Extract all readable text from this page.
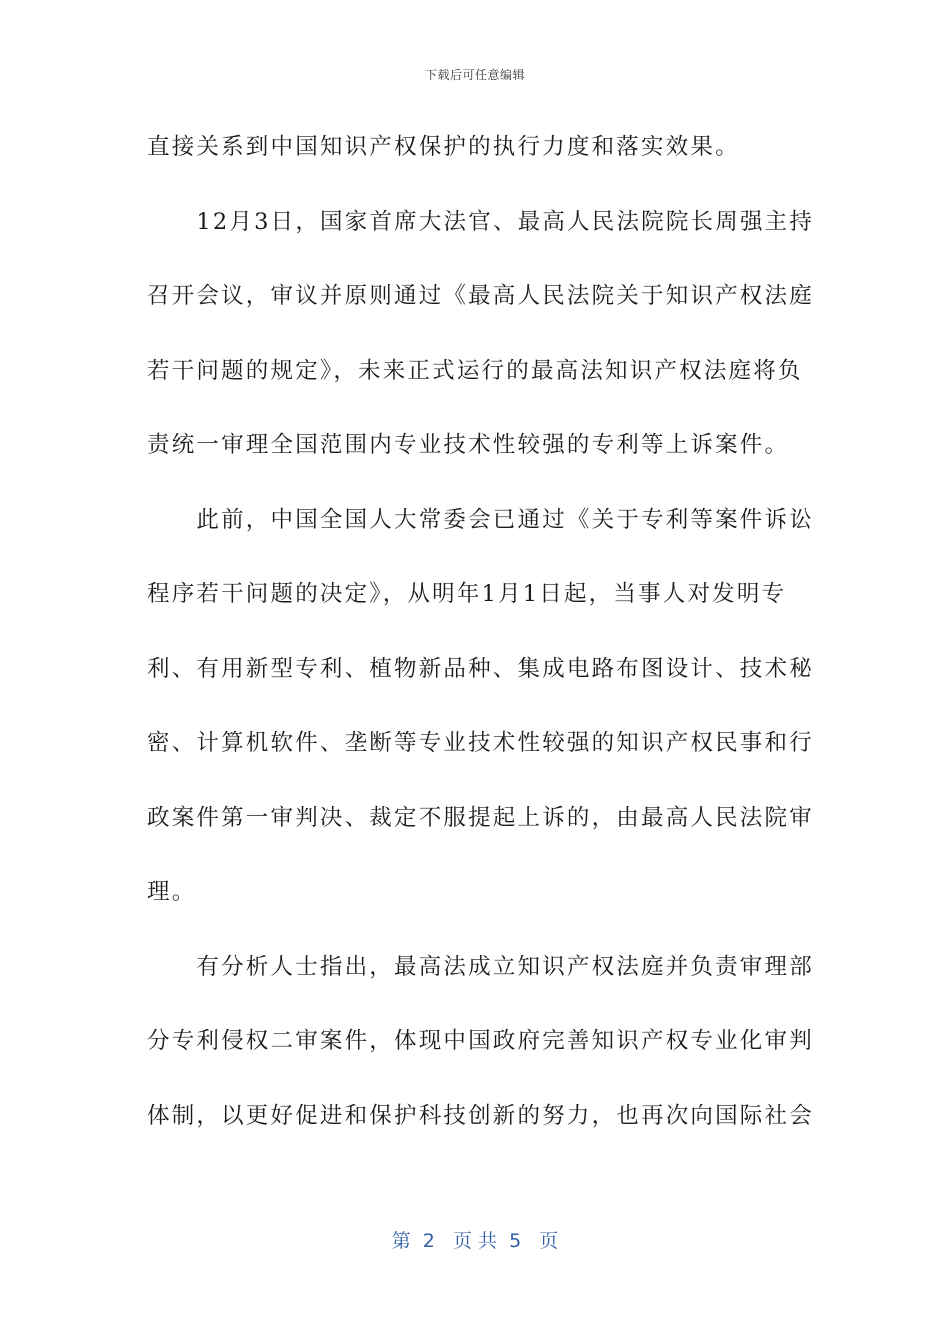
下载后可任意编辑
直接关系到中国知识产权保护的执行力度和落实效果。
　　12月3日，国家首席大法官、最高人民法院院长周强主持
召开会议，审议并原则通过《最高人民法院关于知识产权法庭
若干问题的规定》，未来正式运行的最高法知识产权法庭将负
责统一审理全国范围内专业技术性较强的专利等上诉案件。
　　此前，中国全国人大常委会已通过《关于专利等案件诉讼
程序若干问题的决定》，从明年1月1日起，当事人对发明专
利、有用新型专利、植物新品种、集成电路布图设计、技术秘
密、计算机软件、垄断等专业技术性较强的知识产权民事和行
政案件第一审判决、裁定不服提起上诉的，由最高人民法院审
理。
　　有分析人士指出，最高法成立知识产权法庭并负责审理部
分专利侵权二审案件，体现中国政府完善知识产权专业化审判
体制，以更好促进和保护科技创新的努力，也再次向国际社会
第  2   页 共  5   页
